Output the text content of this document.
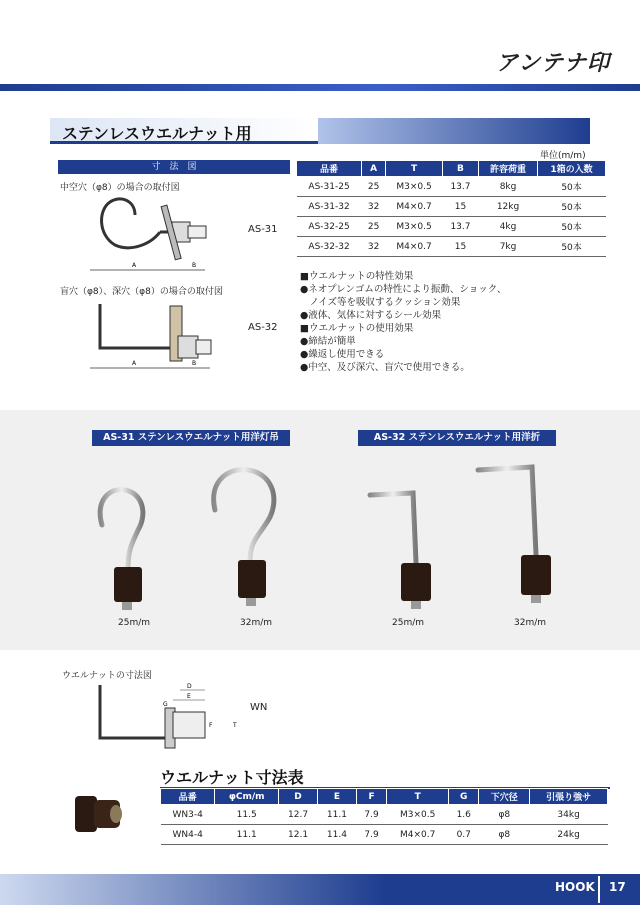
アンテナ印
ステンレスウエルナット用
単位(m/m)
寸　法　図
中空穴（φ8）の場合の取付図
A	B
AS-31
盲穴（φ8）、深穴（φ8）の場合の取付図
A	B
AS-32
品番	A	T	B	許容荷重	1箱の入数
AS-31-25	25	M3×0.5	13.7	8kg	50本
AS-31-32	32	M4×0.7	15	12kg	50本
AS-32-25	25	M3×0.5	13.7	4kg	50本
AS-32-32	32	M4×0.7	15	7kg	50本
■ウエルナットの特性効果
●ネオプレンゴムの特性により振動、ショック、
　ノイズ等を吸収するクッション効果
●液体、気体に対するシール効果
■ウエルナットの使用効果
●締結が簡単
●繰返し使用できる
●中空、及び深穴、盲穴で使用できる。
AS-31 ステンレスウエルナット用洋灯吊	AS-32 ステンレスウエルナット用洋折
25m/m	32m/m	25m/m	32m/m
ウエルナットの寸法図
D
E
G
F	T
WN
ウエルナット寸法表
品番	φCm/m	D	E	F	T	G	下穴径	引張り強サ
WN3-4	11.5	12.7	11.1	7.9	M3×0.5	1.6	φ8	34kg
WN4-4	11.1	12.1	11.4	7.9	M4×0.7	0.7	φ8	24kg
HOOK 17
